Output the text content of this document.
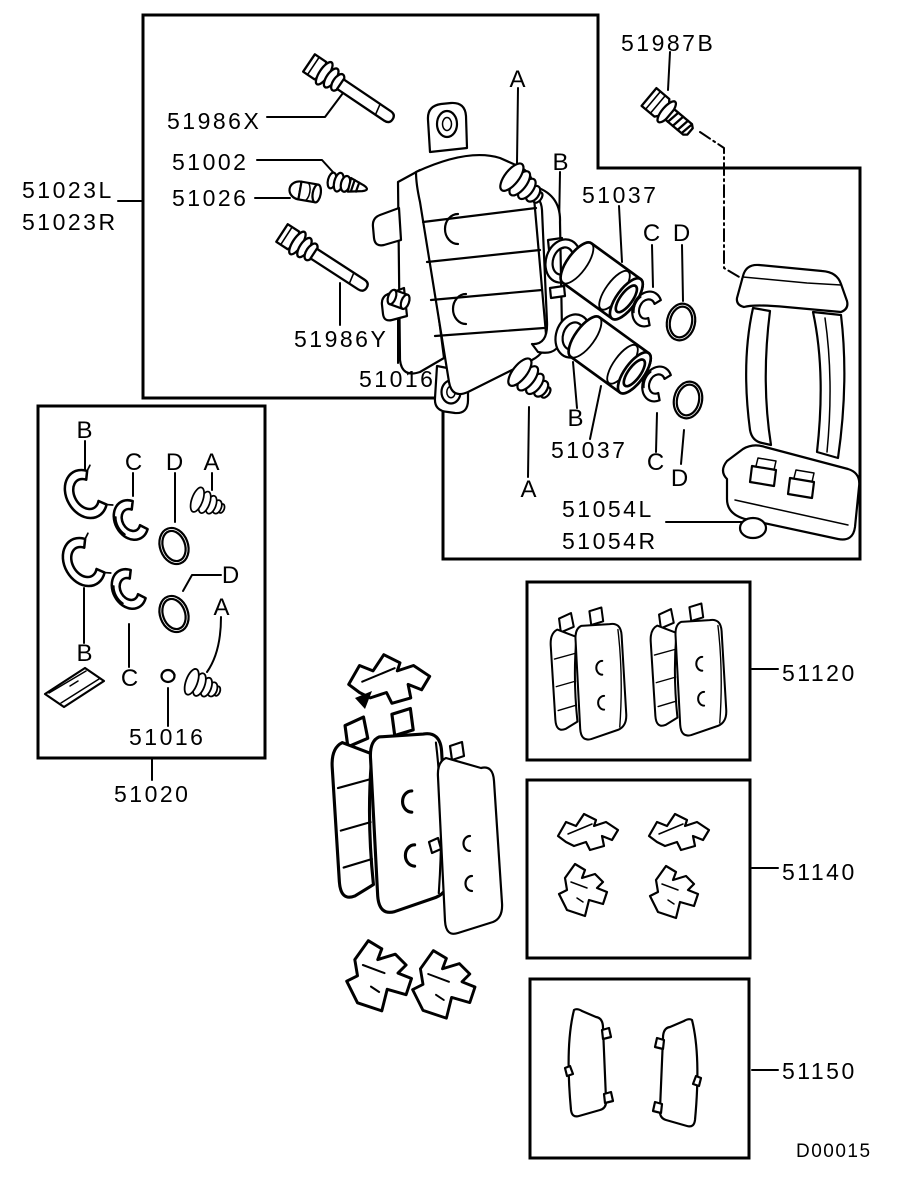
51023L
51023R
51986X
51002
51026
51986Y
51016
51987B
51037
51037
51054L
51054R
A
B
C D
A
B
C
D
B
C D A
D
A
B
C
51016
51020
51120
51140
51150
D00015
